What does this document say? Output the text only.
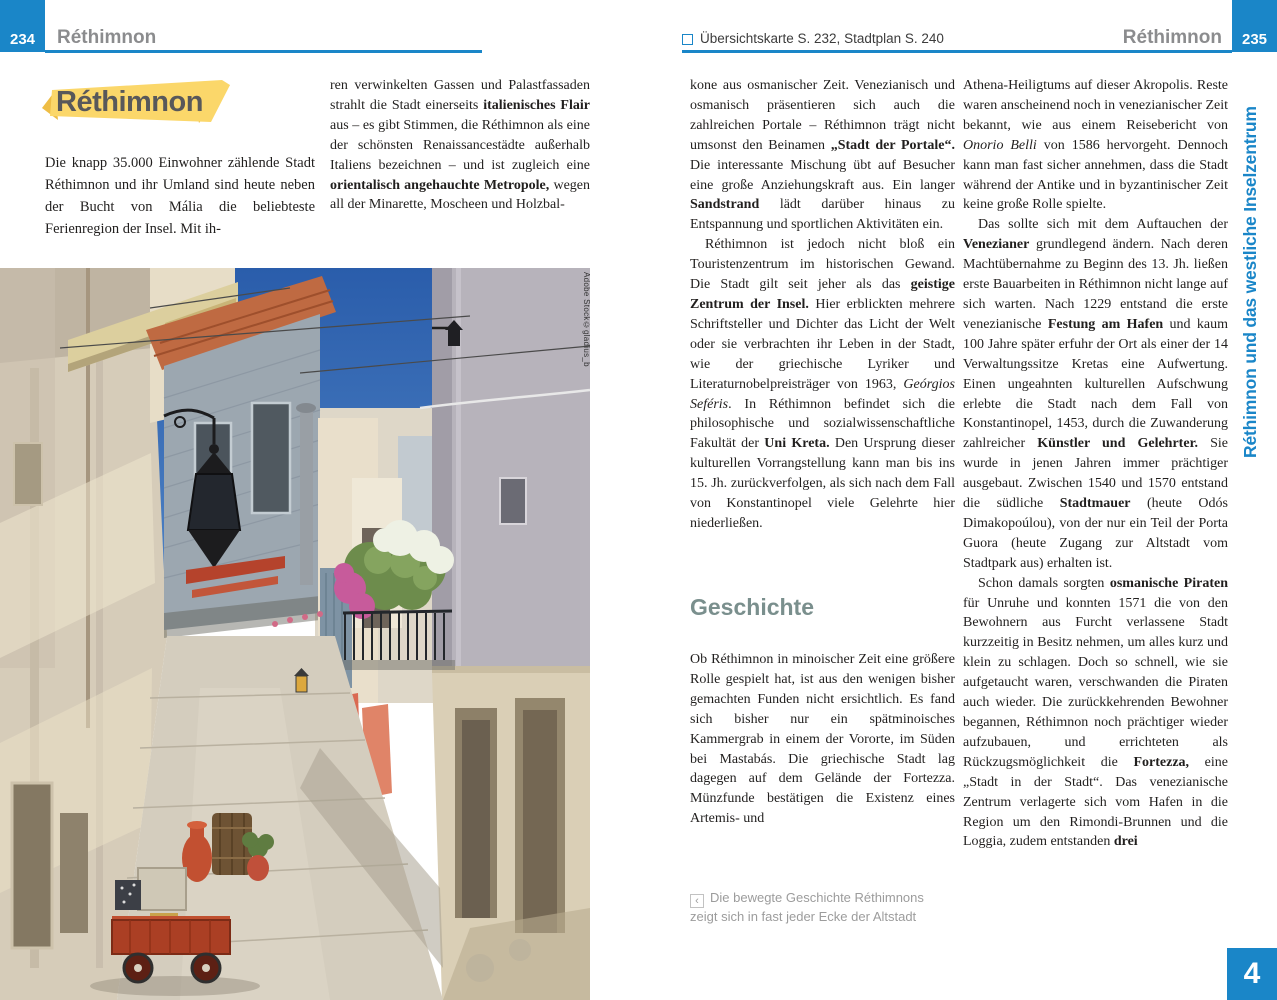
234 Réthimnon	Übersichtskarte S. 232, Stadtplan S. 240	Réthimnon 235
Réthimnon

Die knapp 35.000 Einwohner zählende Stadt Réthimnon und ihr Umland sind heute neben der Bucht von Mália die beliebteste Ferienregion der Insel. Mit ih-

ren verwinkelten Gassen und Palastfassaden strahlt die Stadt einerseits italienisches Flair aus – es gibt Stimmen, die Réthimnon als eine der schönsten Renaissancestädte außerhalb Italiens bezeichnen – und ist zugleich eine orientalisch angehauchte Metropole, wegen all der Minarette, Moscheen und Holzbal-

kone aus osmanischer Zeit. Venezianisch und osmanisch präsentieren sich auch die zahlreichen Portale – Réthimnon trägt nicht umsonst den Beinamen „Stadt der Portale“. Die interessante Mischung übt auf Besucher eine große Anziehungskraft aus. Ein langer Sandstrand lädt darüber hinaus zu Entspannung und sportlichen Aktivitäten ein.

Réthimnon ist jedoch nicht bloß ein Touristenzentrum im historischen Gewand. Die Stadt gilt seit jeher als das geistige Zentrum der Insel. Hier erblickten mehrere Schriftsteller und Dichter das Licht der Welt oder sie verbrachten ihr Leben in der Stadt, wie der griechische Lyriker und Literaturnobelpreisträger von 1963, Geórgios Seféris. In Réthimnon befindet sich die philosophische und sozialwissenschaftliche Fakultät der Uni Kreta. Den Ursprung dieser kulturellen Vorrangstellung kann man bis ins 15. Jh. zurückverfolgen, als sich nach dem Fall von Konstantinopel viele Gelehrte hier niederließen.

Geschichte

Ob Réthimnon in minoischer Zeit eine größere Rolle gespielt hat, ist aus den wenigen bisher gemachten Funden nicht ersichtlich. Es fand sich bisher nur ein spätminoisches Kammergrab in einem der Vororte, im Süden bei Mastabás. Die griechische Stadt lag dagegen auf dem Gelände der Fortezza. Münzfunde bestätigen die Existenz eines Artemis- und

‹ Die bewegte Geschichte Réthimnons zeigt sich in fast jeder Ecke der Altstadt

Athena-Heiligtums auf dieser Akropolis. Reste waren anscheinend noch in venezianischer Zeit bekannt, wie aus einem Reisebericht von Onorio Belli von 1586 hervorgeht. Dennoch kann man fast sicher annehmen, dass die Stadt während der Antike und in byzantinischer Zeit keine große Rolle spielte.

Das sollte sich mit dem Auftauchen der Venezianer grundlegend ändern. Nach deren Machtübernahme zu Beginn des 13. Jh. ließen erste Bauarbeiten in Réthimnon nicht lange auf sich warten. Nach 1229 entstand die erste venezianische Festung am Hafen und kaum 100 Jahre später erfuhr der Ort als einer der 14 Verwaltungssitze Kretas eine Aufwertung. Einen ungeahnten kulturellen Aufschwung erlebte die Stadt nach dem Fall von Konstantinopel, 1453, durch die Zuwanderung zahlreicher Künstler und Gelehrter. Sie wurde in jenen Jahren immer prächtiger ausgebaut. Zwischen 1540 und 1570 entstand die südliche Stadtmauer (heute Odós Dimakopoúlou), von der nur ein Teil der Porta Guora (heute Zugang zur Altstadt vom Stadtpark aus) erhalten ist.

Schon damals sorgten osmanische Piraten für Unruhe und konnten 1571 die von den Bewohnern aus Furcht verlassene Stadt kurzzeitig in Besitz nehmen, um alles kurz und klein zu schlagen. Doch so schnell, wie sie aufgetaucht waren, verschwanden die Piraten auch wieder. Die zurückkehrenden Bewohner begannen, Réthimnon noch prächtiger wieder aufzubauen, und errichteten als Rückzugsmöglichkeit die Fortezza, eine „Stadt in der Stadt“. Das venezianische Zentrum verlagerte sich vom Hafen in die Region um den Rimondi-Brunnen und die Loggia, zudem entstanden drei

Réthimnon und das westliche Inselzentrum
4
Adobe Stock©gladius_b
